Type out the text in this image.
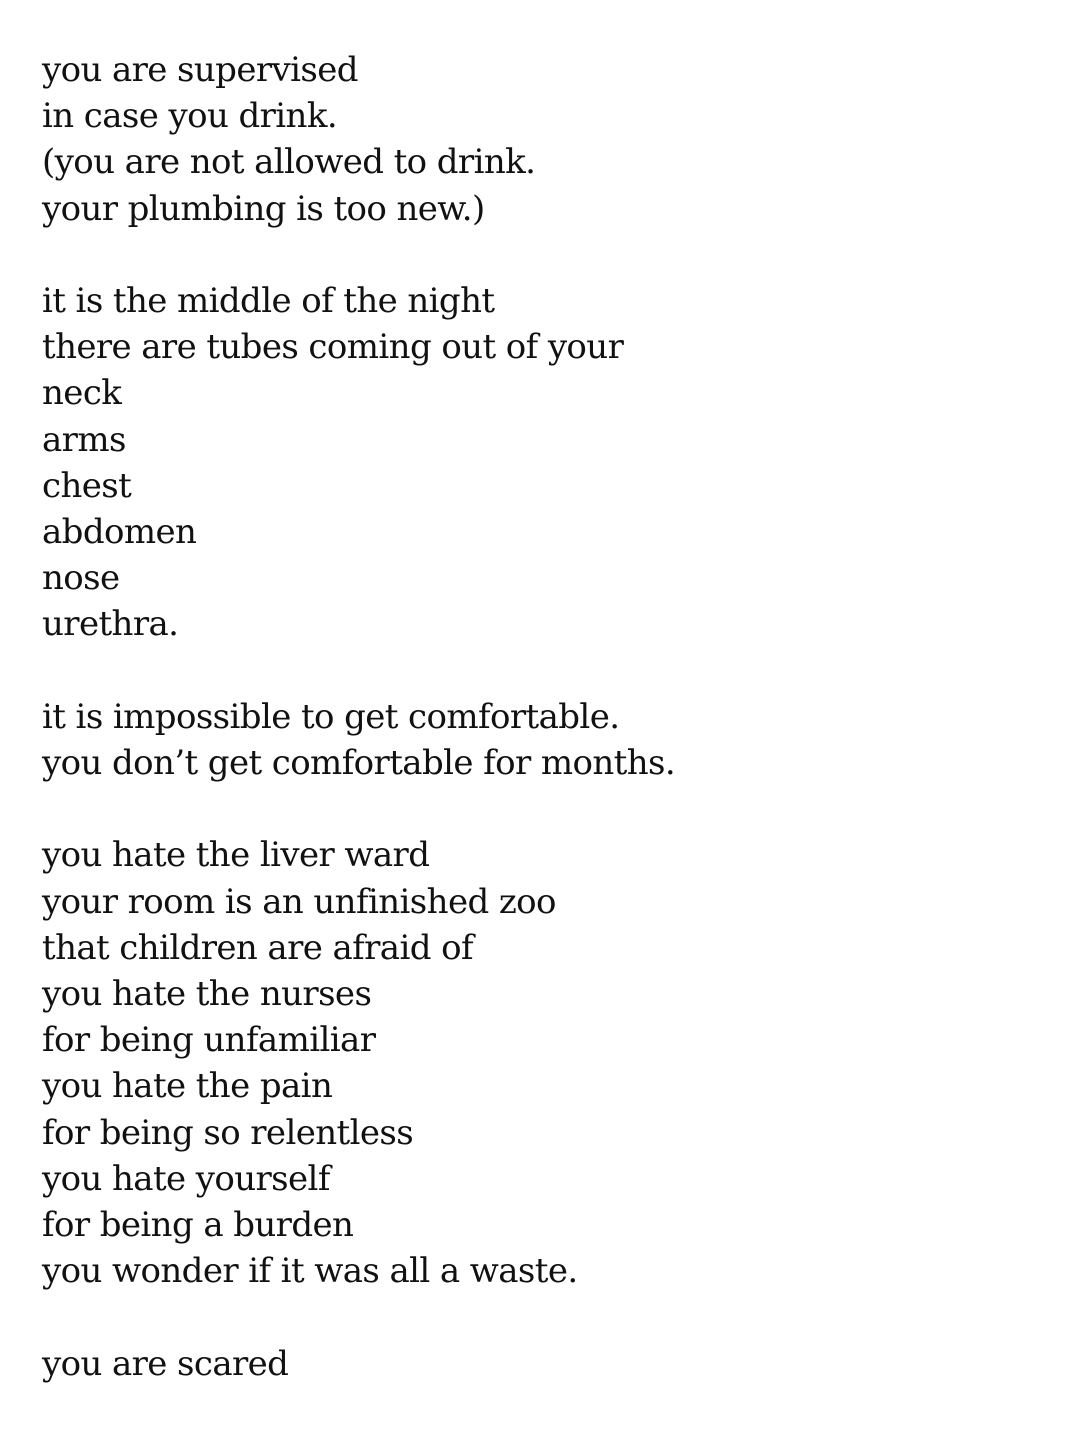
you are supervised
in case you drink.
(you are not allowed to drink.
your plumbing is too new.)
it is the middle of the night
there are tubes coming out of your
neck
arms
chest
abdomen
nose
urethra.
it is impossible to get comfortable.
you don’t get comfortable for months.
you hate the liver ward
your room is an unfinished zoo
that children are afraid of
you hate the nurses
for being unfamiliar
you hate the pain
for being so relentless
you hate yourself
for being a burden
you wonder if it was all a waste.
you are scared
